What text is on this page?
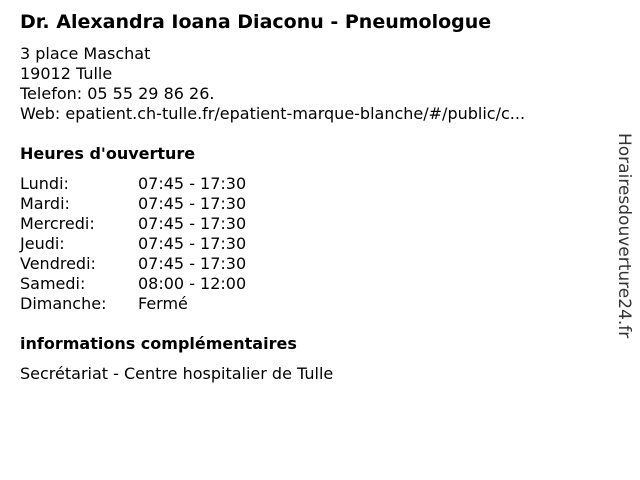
Dr. Alexandra Ioana Diaconu - Pneumologue
3 place Maschat
19012 Tulle
Telefon: 05 55 29 86 26.
Web: epatient.ch-tulle.fr/epatient-marque-blanche/#/public/c...
Heures d'ouverture
Lundi:	07:45 - 17:30
Mardi:	07:45 - 17:30
Mercredi:	07:45 - 17:30
Jeudi:	07:45 - 17:30
Vendredi:	07:45 - 17:30
Samedi:	08:00 - 12:00
Dimanche:	Fermé
informations complémentaires
Secrétariat - Centre hospitalier de Tulle
Horairesdouverture24.fr
